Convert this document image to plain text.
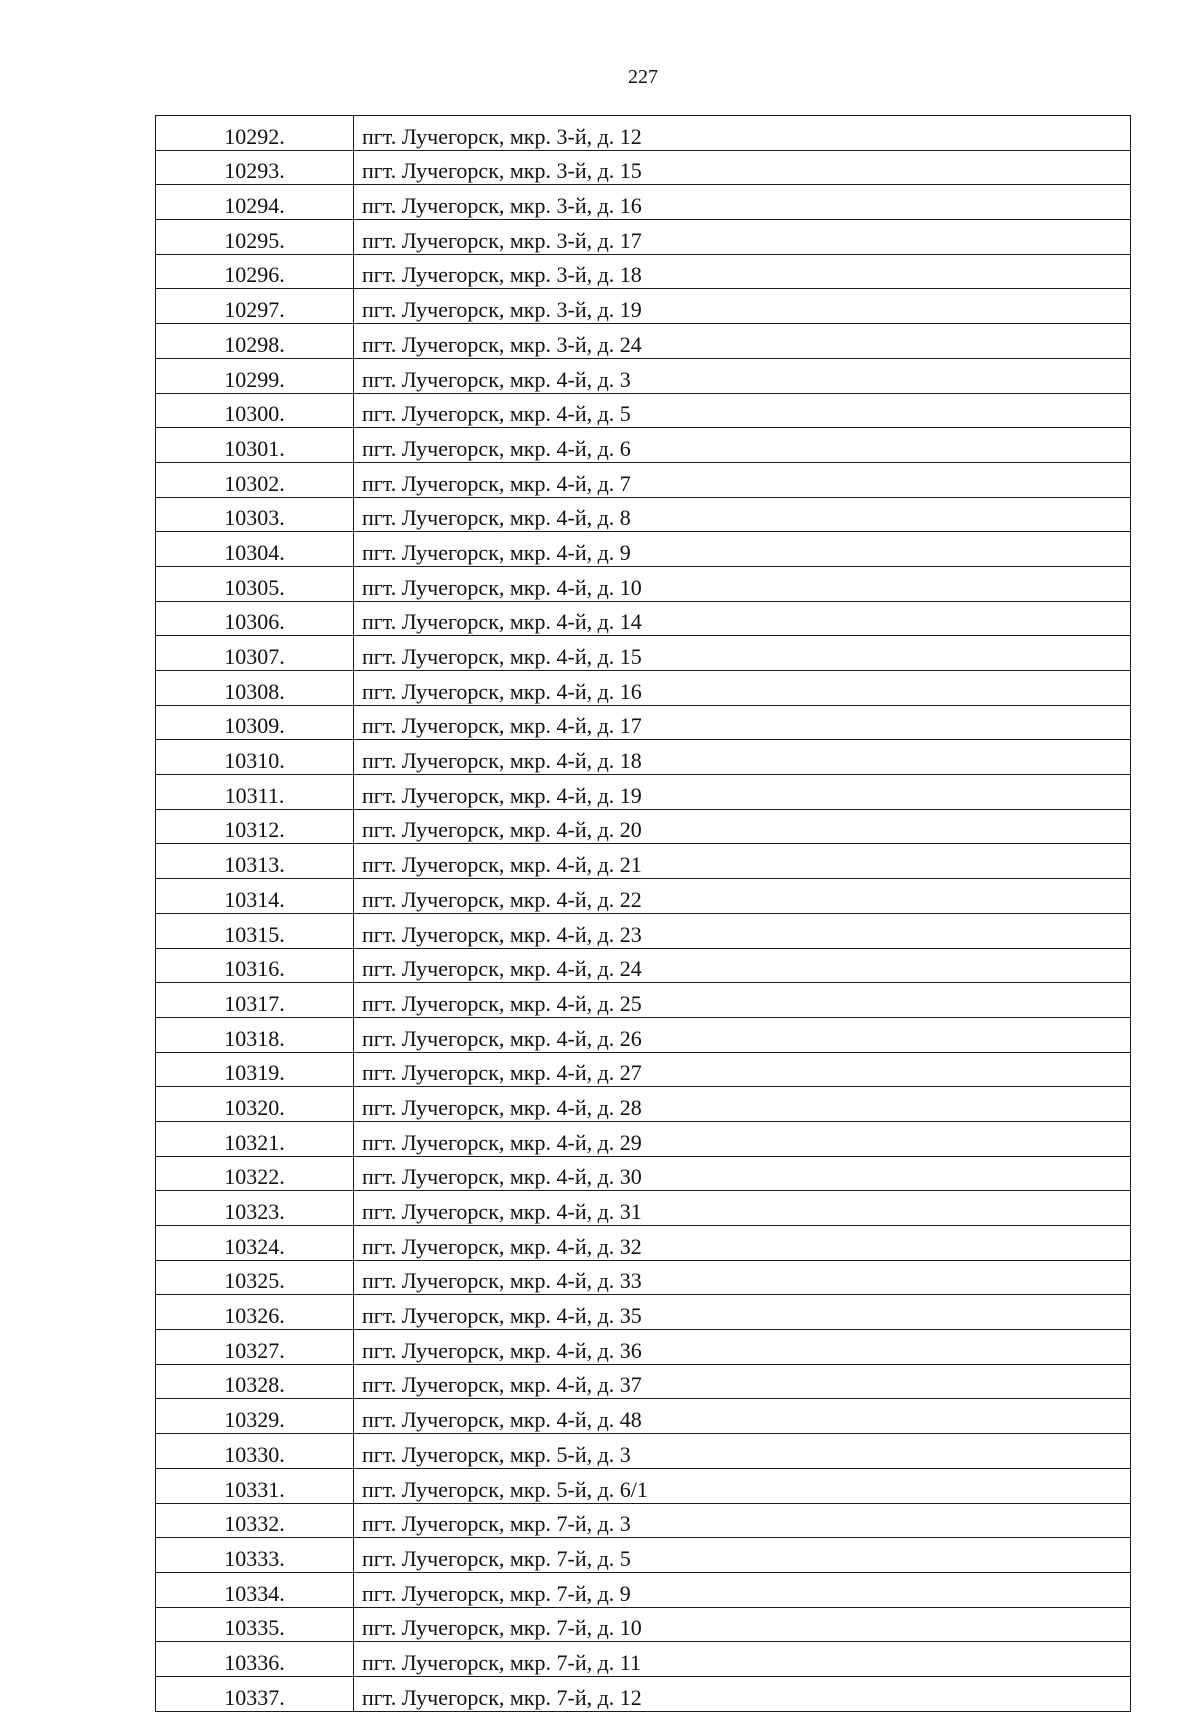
227
10292.	пгт. Лучегорск, мкр. 3-й, д. 12
10293.	пгт. Лучегорск, мкр. 3-й, д. 15
10294.	пгт. Лучегорск, мкр. 3-й, д. 16
10295.	пгт. Лучегорск, мкр. 3-й, д. 17
10296.	пгт. Лучегорск, мкр. 3-й, д. 18
10297.	пгт. Лучегорск, мкр. 3-й, д. 19
10298.	пгт. Лучегорск, мкр. 3-й, д. 24
10299.	пгт. Лучегорск, мкр. 4-й, д. 3
10300.	пгт. Лучегорск, мкр. 4-й, д. 5
10301.	пгт. Лучегорск, мкр. 4-й, д. 6
10302.	пгт. Лучегорск, мкр. 4-й, д. 7
10303.	пгт. Лучегорск, мкр. 4-й, д. 8
10304.	пгт. Лучегорск, мкр. 4-й, д. 9
10305.	пгт. Лучегорск, мкр. 4-й, д. 10
10306.	пгт. Лучегорск, мкр. 4-й, д. 14
10307.	пгт. Лучегорск, мкр. 4-й, д. 15
10308.	пгт. Лучегорск, мкр. 4-й, д. 16
10309.	пгт. Лучегорск, мкр. 4-й, д. 17
10310.	пгт. Лучегорск, мкр. 4-й, д. 18
10311.	пгт. Лучегорск, мкр. 4-й, д. 19
10312.	пгт. Лучегорск, мкр. 4-й, д. 20
10313.	пгт. Лучегорск, мкр. 4-й, д. 21
10314.	пгт. Лучегорск, мкр. 4-й, д. 22
10315.	пгт. Лучегорск, мкр. 4-й, д. 23
10316.	пгт. Лучегорск, мкр. 4-й, д. 24
10317.	пгт. Лучегорск, мкр. 4-й, д. 25
10318.	пгт. Лучегорск, мкр. 4-й, д. 26
10319.	пгт. Лучегорск, мкр. 4-й, д. 27
10320.	пгт. Лучегорск, мкр. 4-й, д. 28
10321.	пгт. Лучегорск, мкр. 4-й, д. 29
10322.	пгт. Лучегорск, мкр. 4-й, д. 30
10323.	пгт. Лучегорск, мкр. 4-й, д. 31
10324.	пгт. Лучегорск, мкр. 4-й, д. 32
10325.	пгт. Лучегорск, мкр. 4-й, д. 33
10326.	пгт. Лучегорск, мкр. 4-й, д. 35
10327.	пгт. Лучегорск, мкр. 4-й, д. 36
10328.	пгт. Лучегорск, мкр. 4-й, д. 37
10329.	пгт. Лучегорск, мкр. 4-й, д. 48
10330.	пгт. Лучегорск, мкр. 5-й, д. 3
10331.	пгт. Лучегорск, мкр. 5-й, д. 6/1
10332.	пгт. Лучегорск, мкр. 7-й, д. 3
10333.	пгт. Лучегорск, мкр. 7-й, д. 5
10334.	пгт. Лучегорск, мкр. 7-й, д. 9
10335.	пгт. Лучегорск, мкр. 7-й, д. 10
10336.	пгт. Лучегорск, мкр. 7-й, д. 11
10337.	пгт. Лучегорск, мкр. 7-й, д. 12
